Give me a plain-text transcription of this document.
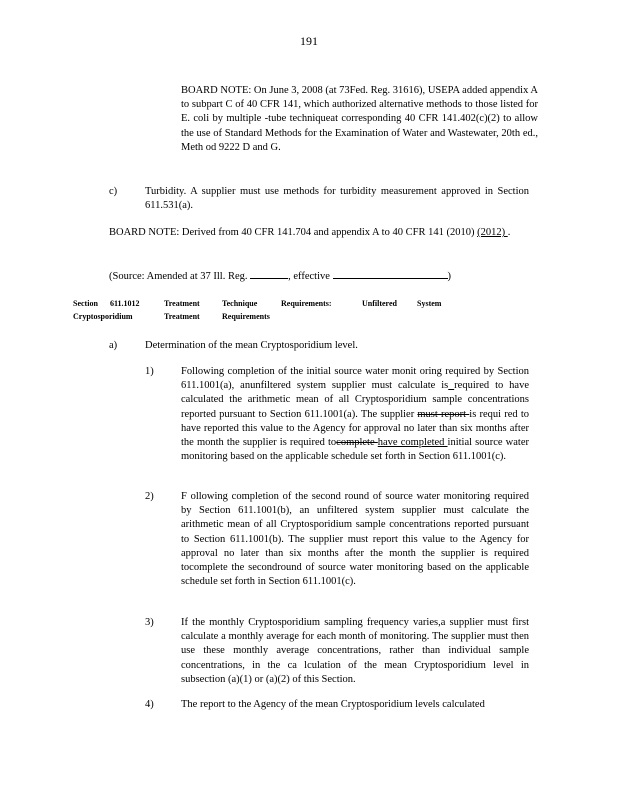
191

BOARD NOTE: On June 3, 2008 (at 73Fed. Reg. 31616), USEPA added appendix A to subpart C of 40 CFR 141, which authorized alternative methods to those listed for E. coli by multiple -tube techniqueat corresponding 40 CFR 141.402(c)(2) to allow the use of Standard Methods for the Examination of Water and Wastewater, 20th ed., Meth od 9222 D and G.

c)	Turbidity. A supplier must use methods for turbidity measurement approved in Section 611.531(a).

BOARD NOTE: Derived from 40 CFR 141.704 and appendix A to 40 CFR 141 (2010) (2012) .

(Source: Amended at 37 Ill. Reg.	, effective	)
Section 611.1012	Treatment	Technique	Requirements:	Unfiltered	System
Cryptosporidium	Treatment	Requirements
a)	Determination of the mean Cryptosporidium level.
1)	Following completion of the initial source water monit oring required by Section 611.1001(a), anunfiltered system supplier must calculate is required to have calculated the arithmetic mean of all Cryptosporidium sample concentrations reported pursuant to Section 611.1001(a). The supplier must report is requi red to have reported this value to the Agency for approval no later than six months after the month the supplier is required tocomplete have completed initial source water monitoring based on the applicable schedule set forth in Section 611.1001(c).

2)	F ollowing completion of the second round of source water monitoring required by Section 611.1001(b), an unfiltered system supplier must calculate the arithmetic mean of all Cryptosporidium sample concentrations reported pursuant to Section 611.1001(b). The supplier must report this value to the Agency for approval no later than six months after the month the supplier is required tocomplete the secondround of source water monitoring based on the applicable schedule set forth in Section 611.1001(c).

3)	If the monthly Cryptosporidium sampling frequency varies,a supplier must first calculate a monthly average for each month of monitoring. The supplier must then use these monthly average concentrations, rather than individual sample concentrations, in the ca lculation of the mean Cryptosporidium level in subsection (a)(1) or (a)(2) of this Section.

4)	The report to the Agency of the mean Cryptosporidium levels calculated
